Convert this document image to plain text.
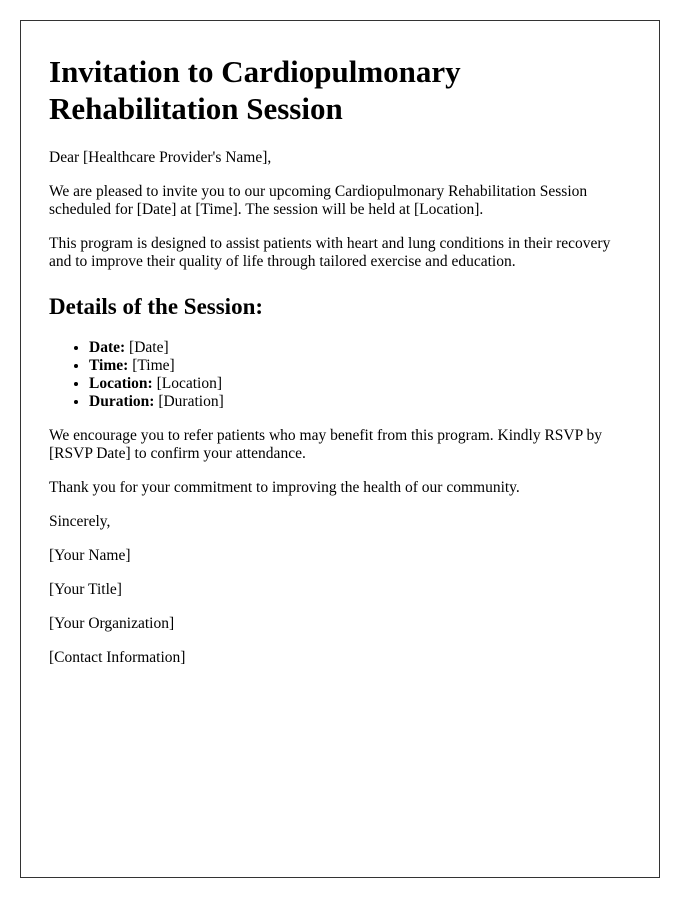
Invitation to Cardiopulmonary Rehabilitation Session

Dear [Healthcare Provider's Name],

We are pleased to invite you to our upcoming Cardiopulmonary Rehabilitation Session scheduled for [Date] at [Time]. The session will be held at [Location].

This program is designed to assist patients with heart and lung conditions in their recovery and to improve their quality of life through tailored exercise and education.

Details of the Session:
• Date: [Date]
• Time: [Time]
• Location: [Location]
• Duration: [Duration]

We encourage you to refer patients who may benefit from this program. Kindly RSVP by [RSVP Date] to confirm your attendance.

Thank you for your commitment to improving the health of our community.

Sincerely,

[Your Name]

[Your Title]

[Your Organization]

[Contact Information]
